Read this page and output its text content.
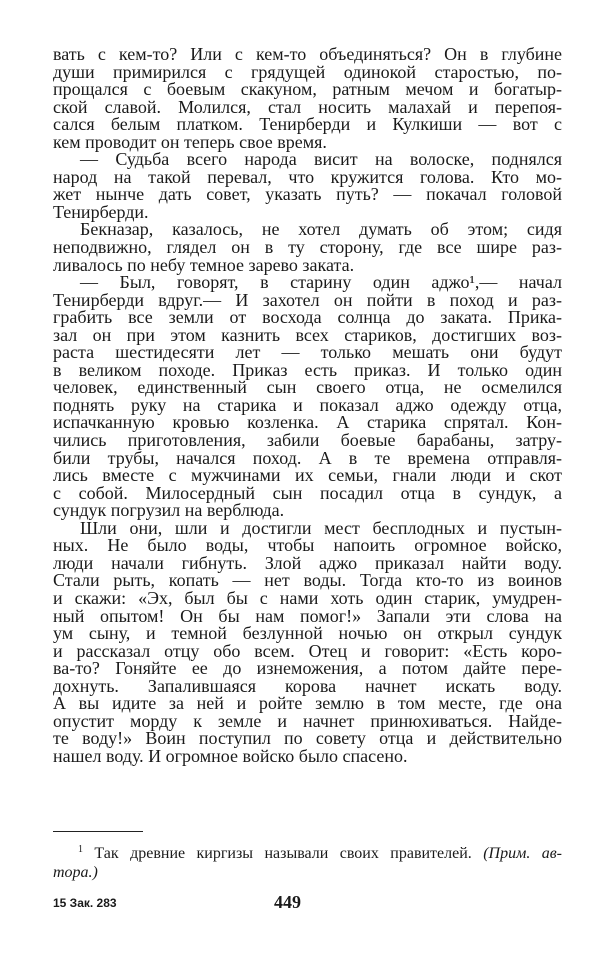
вать с кем-то? Или с кем-то объединяться? Он в глубине
души примирился с грядущей одинокой старостью, по-
прощался с боевым скакуном, ратным мечом и богатыр-
ской славой. Молился, стал носить малахай и перепоя-
сался белым платком. Тенирберди и Кулкиши — вот с
кем проводит он теперь свое время.
— Судьба всего народа висит на волоске, поднялся
народ на такой перевал, что кружится голова. Кто мо-
жет нынче дать совет, указать путь? — покачал головой
Тенирберди.
Бекназар, казалось, не хотел думать об этом; сидя
неподвижно, глядел он в ту сторону, где все шире раз-
ливалось по небу темное зарево заката.
— Был, говорят, в старину один аджо¹,— начал
Тенирберди вдруг.— И захотел он пойти в поход и раз-
грабить все земли от восхода солнца до заката. Прика-
зал он при этом казнить всех стариков, достигших воз-
раста шестидесяти лет — только мешать они будут
в великом походе. Приказ есть приказ. И только один
человек, единственный сын своего отца, не осмелился
поднять руку на старика и показал аджо одежду отца,
испачканную кровью козленка. А старика спрятал. Кон-
чились приготовления, забили боевые барабаны, затру-
били трубы, начался поход. А в те времена отправля-
лись вместе с мужчинами их семьи, гнали люди и скот
с собой. Милосердный сын посадил отца в сундук, а
сундук погрузил на верблюда.
Шли они, шли и достигли мест бесплодных и пустын-
ных. Не было воды, чтобы напоить огромное войско,
люди начали гибнуть. Злой аджо приказал найти воду.
Стали рыть, копать — нет воды. Тогда кто-то из воинов
и скажи: «Эх, был бы с нами хоть один старик, умудрен-
ный опытом! Он бы нам помог!» Запали эти слова на
ум сыну, и темной безлунной ночью он открыл сундук
и рассказал отцу обо всем. Отец и говорит: «Есть коро-
ва-то? Гоняйте ее до изнеможения, а потом дайте пере-
дохнуть. Запалившаяся корова начнет искать воду.
А вы идите за ней и ройте землю в том месте, где она
опустит морду к земле и начнет принюхиваться. Найде-
те воду!» Воин поступил по совету отца и действительно
нашел воду. И огромное войско было спасено.
$^1$ Так древние киргизы называли своих правителей. (Прим. ав-
тора.)
15 Зак. 283	449
